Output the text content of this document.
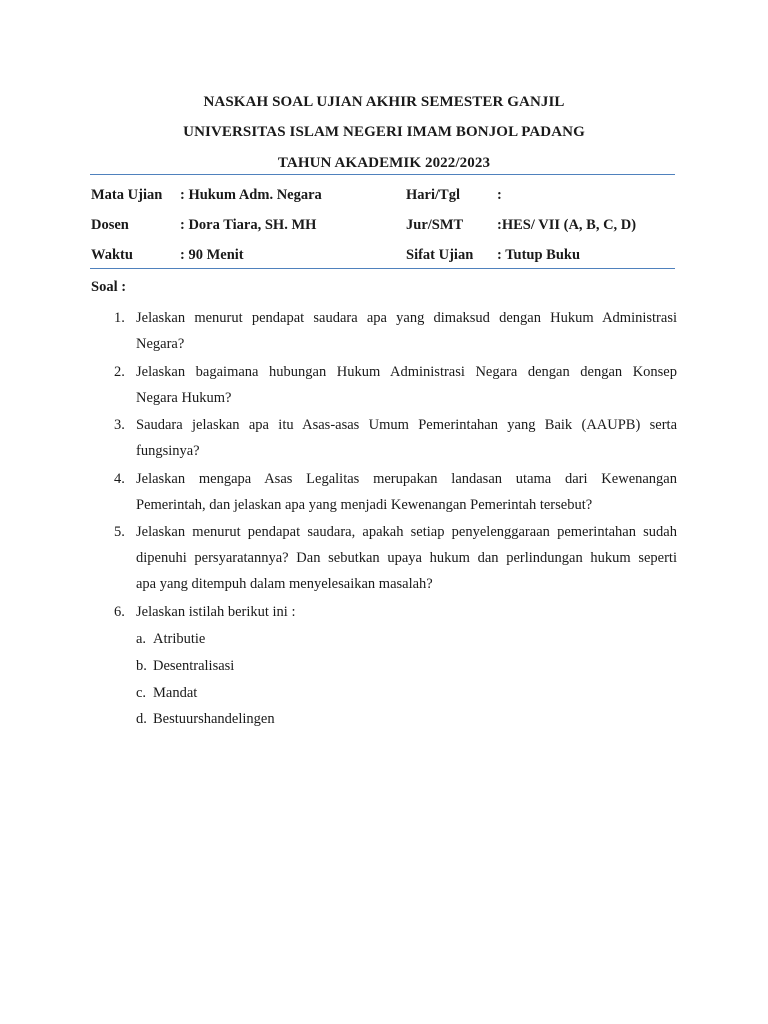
NASKAH SOAL UJIAN AKHIR SEMESTER GANJIL
UNIVERSITAS ISLAM NEGERI IMAM BONJOL PADANG
TAHUN AKADEMIK 2022/2023
Mata Ujian : Hukum Adm. Negara	Hari/Tgl	:
Dosen	: Dora Tiara, SH. MH	Jur/SMT :HES/ VII (A, B, C, D)
Waktu	: 90 Menit	Sifat Ujian : Tutup Buku
Soal :
1. Jelaskan menurut pendapat saudara apa yang dimaksud dengan Hukum Administrasi
Negara?
2. Jelaskan bagaimana hubungan Hukum Administrasi Negara dengan dengan Konsep
Negara Hukum?
3. Saudara jelaskan apa itu Asas-asas Umum Pemerintahan yang Baik (AAUPB) serta
fungsinya?
4. Jelaskan mengapa Asas Legalitas merupakan landasan utama dari Kewenangan
Pemerintah, dan jelaskan apa yang menjadi Kewenangan Pemerintah tersebut?
5. Jelaskan menurut pendapat saudara, apakah setiap penyelenggaraan pemerintahan sudah
dipenuhi persyaratannya? Dan sebutkan upaya hukum dan perlindungan hukum seperti
apa yang ditempuh dalam menyelesaikan masalah?
6. Jelaskan istilah berikut ini :
a. Atributie
b. Desentralisasi
c. Mandat
d. Bestuurshandelingen
